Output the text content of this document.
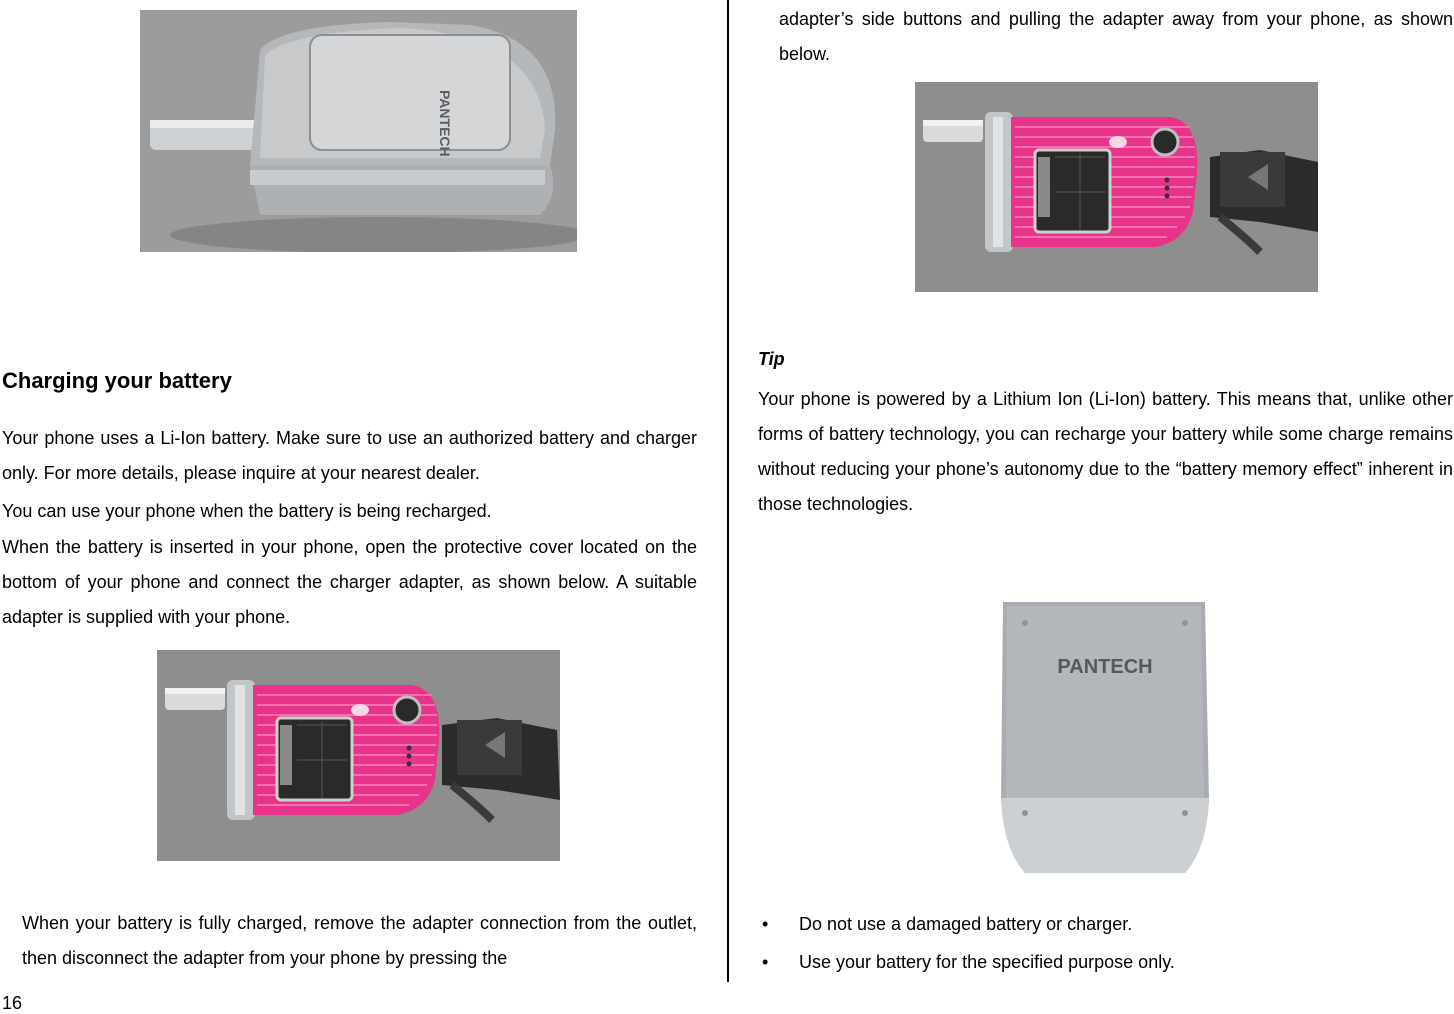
PANTECH
Charging your battery

Your phone uses a Li-Ion battery. Make sure to use an authorized battery and charger only. For more details, please inquire at your nearest dealer.

You can use your phone when the battery is being recharged.

When the battery is inserted in your phone, open the protective cover located on the bottom of your phone and connect the charger adapter, as shown below. A suitable adapter is supplied with your phone.

When your battery is fully charged, remove the adapter connection from the outlet, then disconnect the adapter from your phone by pressing the

16

adapter’s side buttons and pulling the adapter away from your phone, as shown below.

Tip

Your phone is powered by a Lithium Ion (Li-Ion) battery. This means that, unlike other forms of battery technology, you can recharge your battery while some charge remains without reducing your phone’s autonomy due to the “battery memory effect” inherent in those technologies.

PANTECH
•	Do not use a damaged battery or charger.
•	Use your battery for the specified purpose only.
